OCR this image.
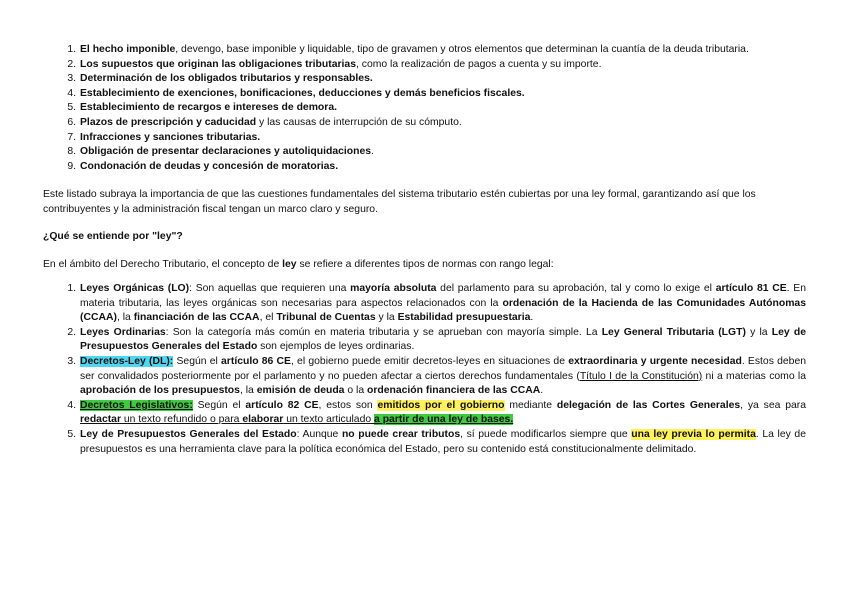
1. El hecho imponible, devengo, base imponible y liquidable, tipo de gravamen y otros elementos que determinan la cuantía de la deuda tributaria.
2. Los supuestos que originan las obligaciones tributarias, como la realización de pagos a cuenta y su importe.
3. Determinación de los obligados tributarios y responsables.
4. Establecimiento de exenciones, bonificaciones, deducciones y demás beneficios fiscales.
5. Establecimiento de recargos e intereses de demora.
6. Plazos de prescripción y caducidad y las causas de interrupción de su cómputo.
7. Infracciones y sanciones tributarias.
8. Obligación de presentar declaraciones y autoliquidaciones.
9. Condonación de deudas y concesión de moratorias.

Este listado subraya la importancia de que las cuestiones fundamentales del sistema tributario estén cubiertas por una ley formal, garantizando así que los contribuyentes y la administración fiscal tengan un marco claro y seguro.

¿Qué se entiende por "ley"?

En el ámbito del Derecho Tributario, el concepto de ley se refiere a diferentes tipos de normas con rango legal:

1. Leyes Orgánicas (LO): Son aquellas que requieren una mayoría absoluta del parlamento para su aprobación, tal y como lo exige el artículo 81 CE. En materia tributaria, las leyes orgánicas son necesarias para aspectos relacionados con la ordenación de la Hacienda de las Comunidades Autónomas (CCAA), la financiación de las CCAA, el Tribunal de Cuentas y la Estabilidad presupuestaria.
2. Leyes Ordinarias: Son la categoría más común en materia tributaria y se aprueban con mayoría simple. La Ley General Tributaria (LGT) y la Ley de Presupuestos Generales del Estado son ejemplos de leyes ordinarias.
3. Decretos-Ley (DL): Según el artículo 86 CE, el gobierno puede emitir decretos-leyes en situaciones de extraordinaria y urgente necesidad. Estos deben ser convalidados posteriormente por el parlamento y no pueden afectar a ciertos derechos fundamentales (Título I de la Constitución) ni a materias como la aprobación de los presupuestos, la emisión de deuda o la ordenación financiera de las CCAA.
4. Decretos Legislativos: Según el artículo 82 CE, estos son emitidos por el gobierno mediante delegación de las Cortes Generales, ya sea para redactar un texto refundido o para elaborar un texto articulado a partir de una ley de bases.
5. Ley de Presupuestos Generales del Estado: Aunque no puede crear tributos, sí puede modificarlos siempre que una ley previa lo permita. La ley de presupuestos es una herramienta clave para la política económica del Estado, pero su contenido está constitucionalmente delimitado.
